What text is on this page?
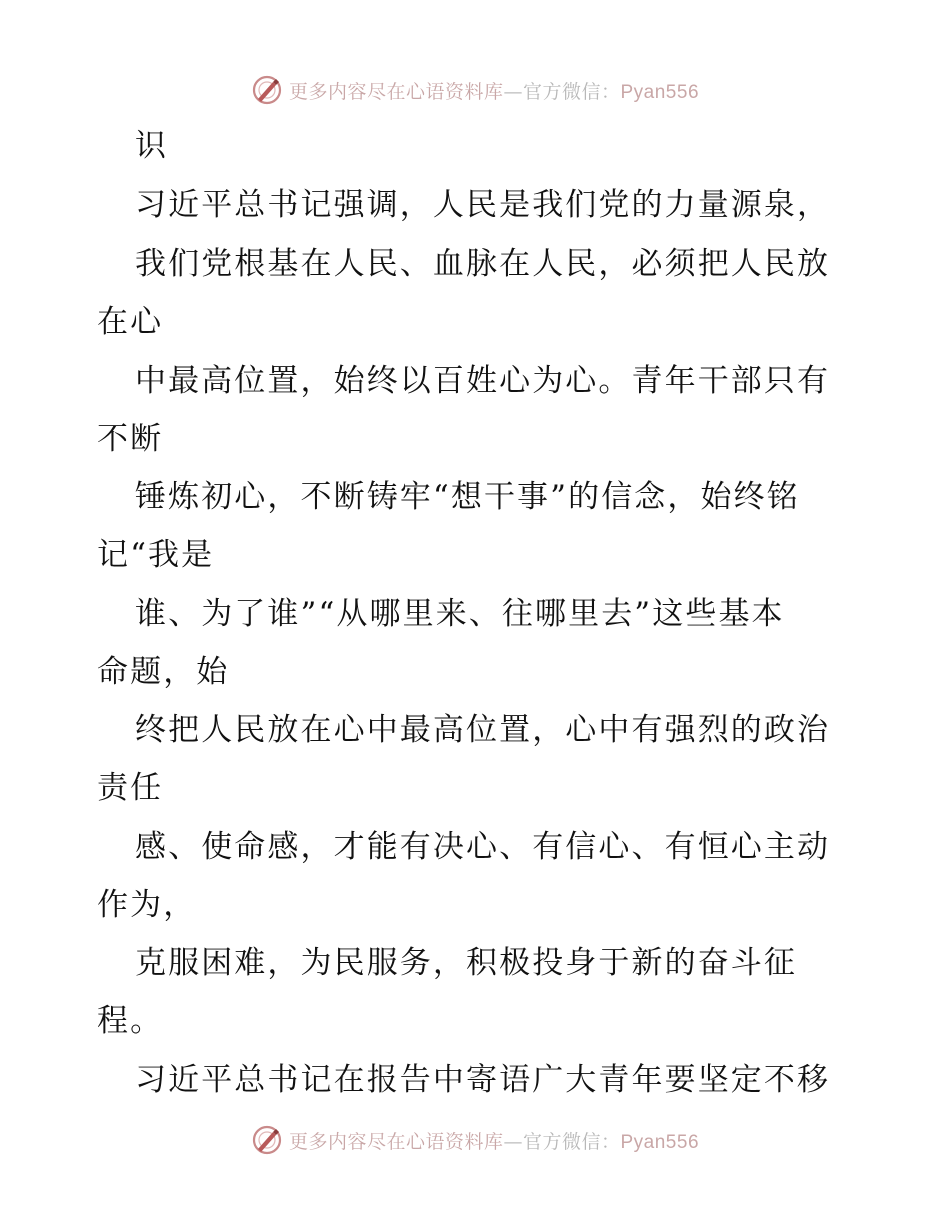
更多内容尽在心语资料库—官方微信：Pyan556
识
习近平总书记强调，人民是我们党的力量源泉，
我们党根基在人民、血脉在人民，必须把人民放
在心
中最高位置，始终以百姓心为心。青年干部只有
不断
锤炼初心，不断铸牢“想干事”的信念，始终铭
记“我是
谁、为了谁”“从哪里来、往哪里去”这些基本
命题，始
终把人民放在心中最高位置，心中有强烈的政治
责任
感、使命感，才能有决心、有信心、有恒心主动
作为，
克服困难，为民服务，积极投身于新的奋斗征
程。
习近平总书记在报告中寄语广大青年要坚定不移
更多内容尽在心语资料库—官方微信：Pyan556
